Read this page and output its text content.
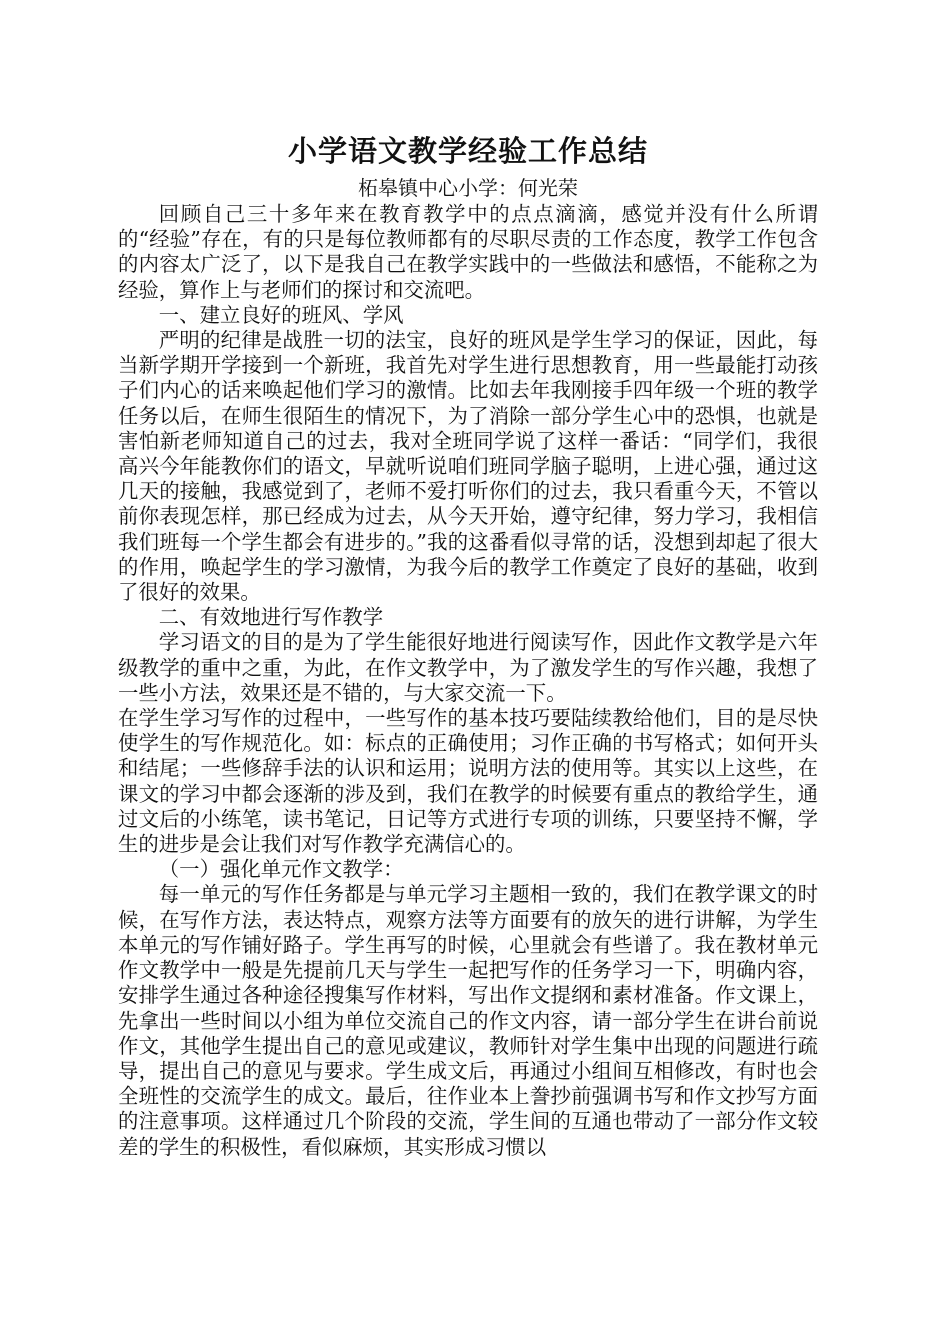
小学语文教学经验工作总结
柘皋镇中心小学：何光荣

回顾自己三十多年来在教育教学中的点点滴滴，感觉并没有什么所谓的“经验”存在，有的只是每位教师都有的尽职尽责的工作态度，教学工作包含的内容太广泛了，以下是我自己在教学实践中的一些做法和感悟，不能称之为经验，算作上与老师们的探讨和交流吧。

一、建立良好的班风、学风

严明的纪律是战胜一切的法宝，良好的班风是学生学习的保证，因此，每当新学期开学接到一个新班，我首先对学生进行思想教育，用一些最能打动孩子们内心的话来唤起他们学习的激情。比如去年我刚接手四年级一个班的教学任务以后，在师生很陌生的情况下，为了消除一部分学生心中的恐惧，也就是害怕新老师知道自己的过去，我对全班同学说了这样一番话：“同学们，我很高兴今年能教你们的语文，早就听说咱们班同学脑子聪明，上进心强，通过这几天的接触，我感觉到了，老师不爱打听你们的过去，我只看重今天，不管以前你表现怎样，那已经成为过去，从今天开始，遵守纪律，努力学习，我相信我们班每一个学生都会有进步的。”我的这番看似寻常的话，没想到却起了很大的作用，唤起学生的学习激情，为我今后的教学工作奠定了良好的基础，收到了很好的效果。

二、有效地进行写作教学

学习语文的目的是为了学生能很好地进行阅读写作，因此作文教学是六年级教学的重中之重，为此，在作文教学中，为了激发学生的写作兴趣，我想了一些小方法，效果还是不错的，与大家交流一下。

在学生学习写作的过程中，一些写作的基本技巧要陆续教给他们，目的是尽快使学生的写作规范化。如：标点的正确使用；习作正确的书写格式；如何开头和结尾；一些修辞手法的认识和运用；说明方法的使用等。其实以上这些，在课文的学习中都会逐渐的涉及到，我们在教学的时候要有重点的教给学生，通过文后的小练笔，读书笔记，日记等方式进行专项的训练，只要坚持不懈，学生的进步是会让我们对写作教学充满信心的。

（一）强化单元作文教学：

每一单元的写作任务都是与单元学习主题相一致的，我们在教学课文的时候，在写作方法，表达特点，观察方法等方面要有的放矢的进行讲解，为学生本单元的写作铺好路子。学生再写的时候，心里就会有些谱了。我在教材单元作文教学中一般是先提前几天与学生一起把写作的任务学习一下，明确内容，安排学生通过各种途径搜集写作材料，写出作文提纲和素材准备。作文课上，先拿出一些时间以小组为单位交流自己的作文内容，请一部分学生在讲台前说作文，其他学生提出自己的意见或建议，教师针对学生集中出现的问题进行疏导，提出自己的意见与要求。学生成文后，再通过小组间互相修改，有时也会全班性的交流学生的成文。最后，往作业本上誊抄前强调书写和作文抄写方面的注意事项。这样通过几个阶段的交流，学生间的互通也带动了一部分作文较差的学生的积极性，看似麻烦，其实形成习惯以
